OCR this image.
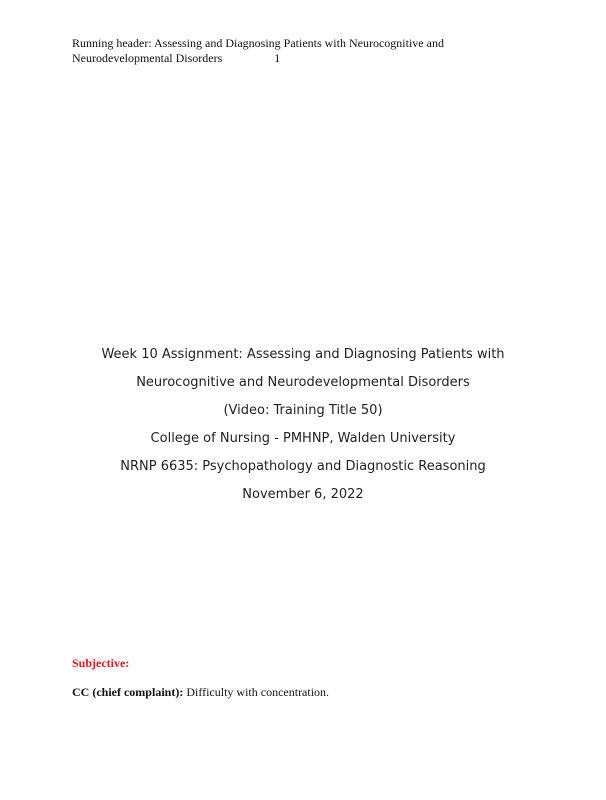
Running header: Assessing and Diagnosing Patients with Neurocognitive and
Neurodevelopmental Disorders	1
Week 10 Assignment: Assessing and Diagnosing Patients with
Neurocognitive and Neurodevelopmental Disorders
(Video: Training Title 50)
College of Nursing - PMHNP, Walden University
NRNP 6635: Psychopathology and Diagnostic Reasoning
November 6, 2022
Subjective:
CC (chief complaint): Difficulty with concentration.
